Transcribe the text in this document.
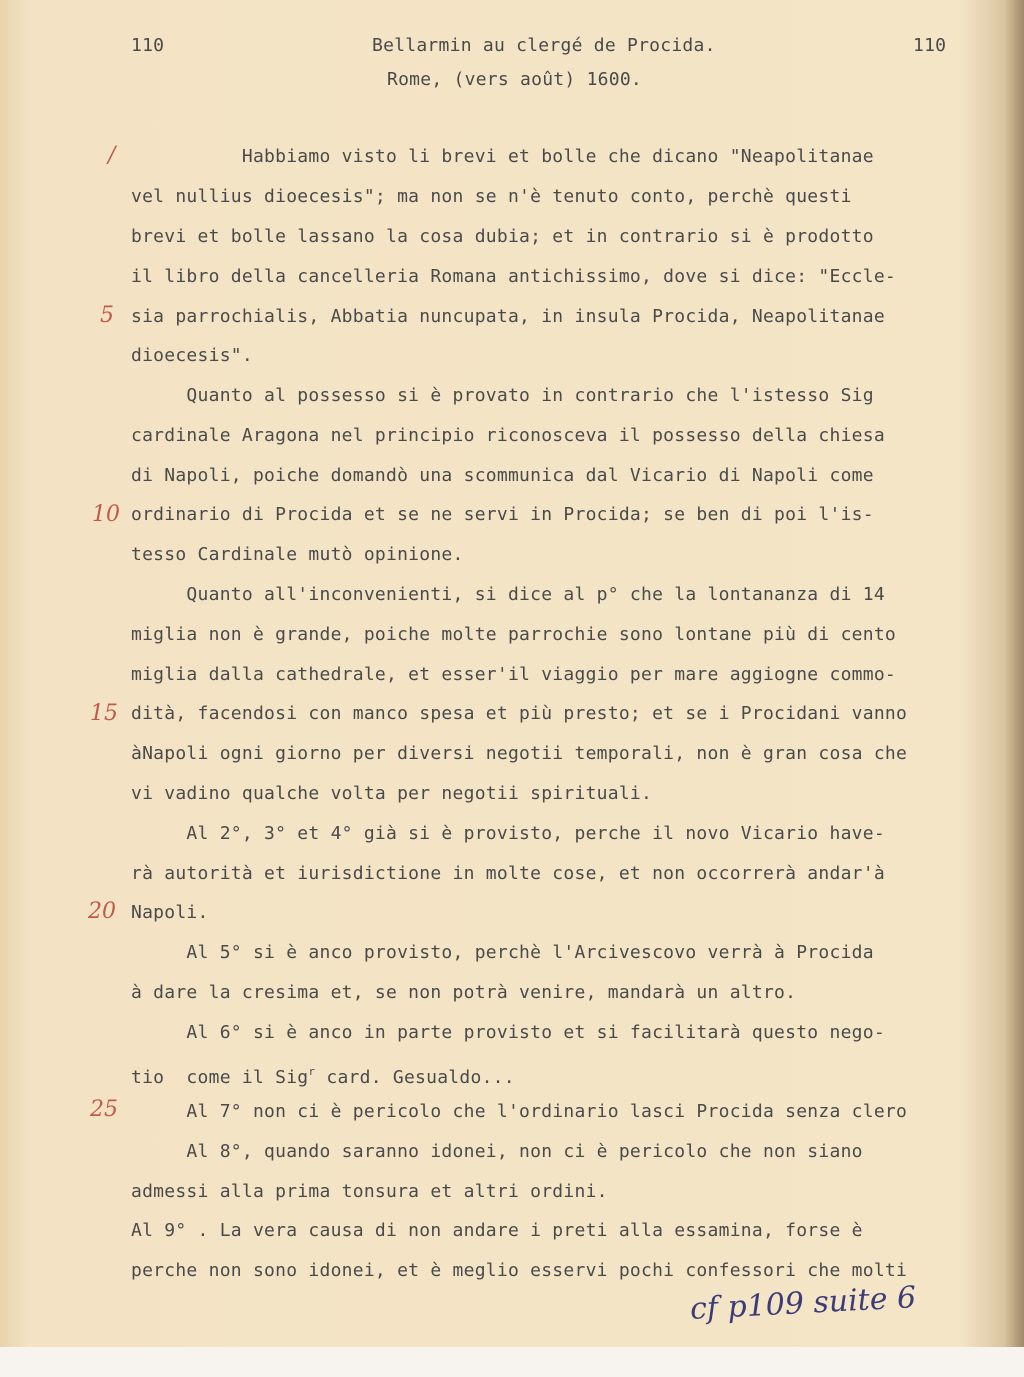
110	Bellarmin au clergé de Procida.	110
Rome, (vers août) 1600.
/
5
10
15
20
25
Habbiamo visto li brevi et bolle che dicano "Neapolitanae
vel nullius dioecesis"; ma non se n'è tenuto conto, perchè questi
brevi et bolle lassano la cosa dubia; et in contrario si è prodotto
il libro della cancelleria Romana antichissimo, dove si dice: "Eccle-
sia parrochialis, Abbatia nuncupata, in insula Procida, Neapolitanae
dioecesis".
Quanto al possesso si è provato in contrario che l'istesso Sig
cardinale Aragona nel principio riconosceva il possesso della chiesa
di Napoli, poiche domandò una scommunica dal Vicario di Napoli come
ordinario di Procida et se ne servi in Procida; se ben di poi l'is-
tesso Cardinale mutò opinione.
Quanto all'inconvenienti, si dice al p° che la lontananza di 14
miglia non è grande, poiche molte parrochie sono lontane più di cento
miglia dalla cathedrale, et esser'il viaggio per mare aggiogne commo-
dità, facendosi con manco spesa et più presto; et se i Procidani vanno
àNapoli ogni giorno per diversi negotii temporali, non è gran cosa che
vi vadino qualche volta per negotii spirituali.
Al 2°, 3° et 4° già si è provisto, perche il novo Vicario have-
rà autorità et iurisdictione in molte cose, et non occorrerà andar'à
Napoli.
Al 5° si è anco provisto, perchè l'Arcivescovo verrà à Procida
à dare la cresima et, se non potrà venire, mandarà un altro.
Al 6° si è anco in parte provisto et si facilitarà questo nego-
tio  come il Sig$^r$ card. Gesualdo...
Al 7° non ci è pericolo che l'ordinario lasci Procida senza clero
Al 8°, quando saranno idonei, non ci è pericolo che non siano
admessi alla prima tonsura et altri ordini.
Al 9° . La vera causa di non andare i preti alla essamina, forse è
perche non sono idonei, et è meglio esservi pochi confessori che molti
cf p109 suite 6
